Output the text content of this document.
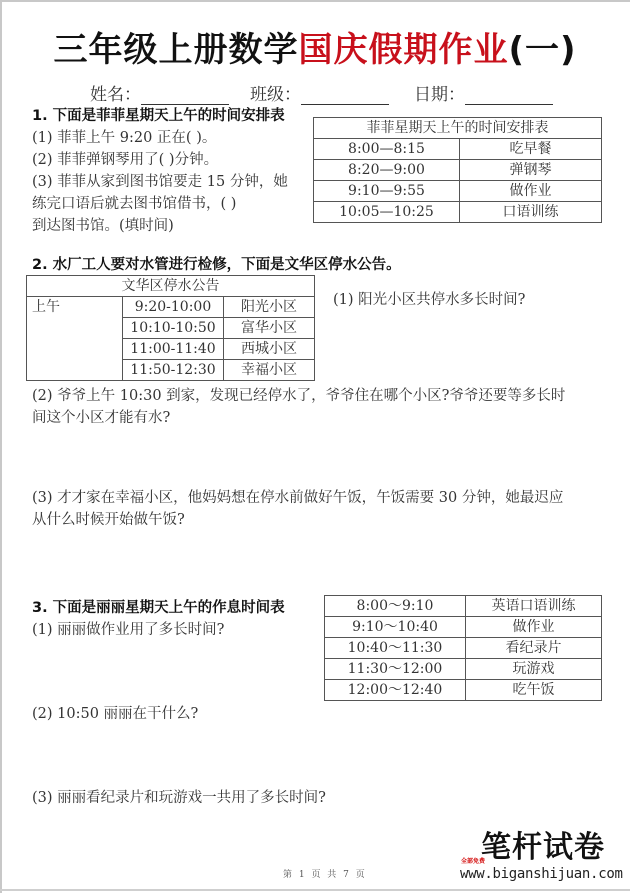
三年级上册数学国庆假期作业(一)
姓名：	班级：	日期：
1. 下面是菲菲星期天上午的时间安排表
(1) 菲菲上午 9:20 正在( )。
(2) 菲菲弹钢琴用了( )分钟。
(3) 菲菲从家到图书馆要走 15 分钟，她
练完口语后就去图书馆借书，( )
到达图书馆。(填时间)
菲菲星期天上午的时间安排表	
8:00—8:15	吃早餐
8:20—9:00	弹钢琴
9:10—9:55	做作业
10:05—10:25	口语训练
2. 水厂工人要对水管进行检修，下面是文华区停水公告。
文华区停水公告		
上午	9:20-10:00	阳光小区
	10:10-10:50	富华小区
	11:00-11:40	西城小区
	11:50-12:30	幸福小区
(1) 阳光小区共停水多长时间?
(2) 爷爷上午 10:30 到家，发现已经停水了，爷爷住在哪个小区?爷爷还要等多长时
间这个小区才能有水?
(3) 才才家在幸福小区，他妈妈想在停水前做好午饭，午饭需要 30 分钟，她最迟应
从什么时候开始做午饭?
3. 下面是丽丽星期天上午的作息时间表
(1) 丽丽做作业用了多长时间?
8:00～9:10	英语口语训练
9:10～10:40	做作业
10:40～11:30	看纪录片
11:30～12:00	玩游戏
12:00～12:40	吃午饭
(2) 10:50 丽丽在干什么?
(3) 丽丽看纪录片和玩游戏一共用了多长时间?
第 1 页 共 7 页
笔杆试卷
全部免费
www.biganshijuan.com
